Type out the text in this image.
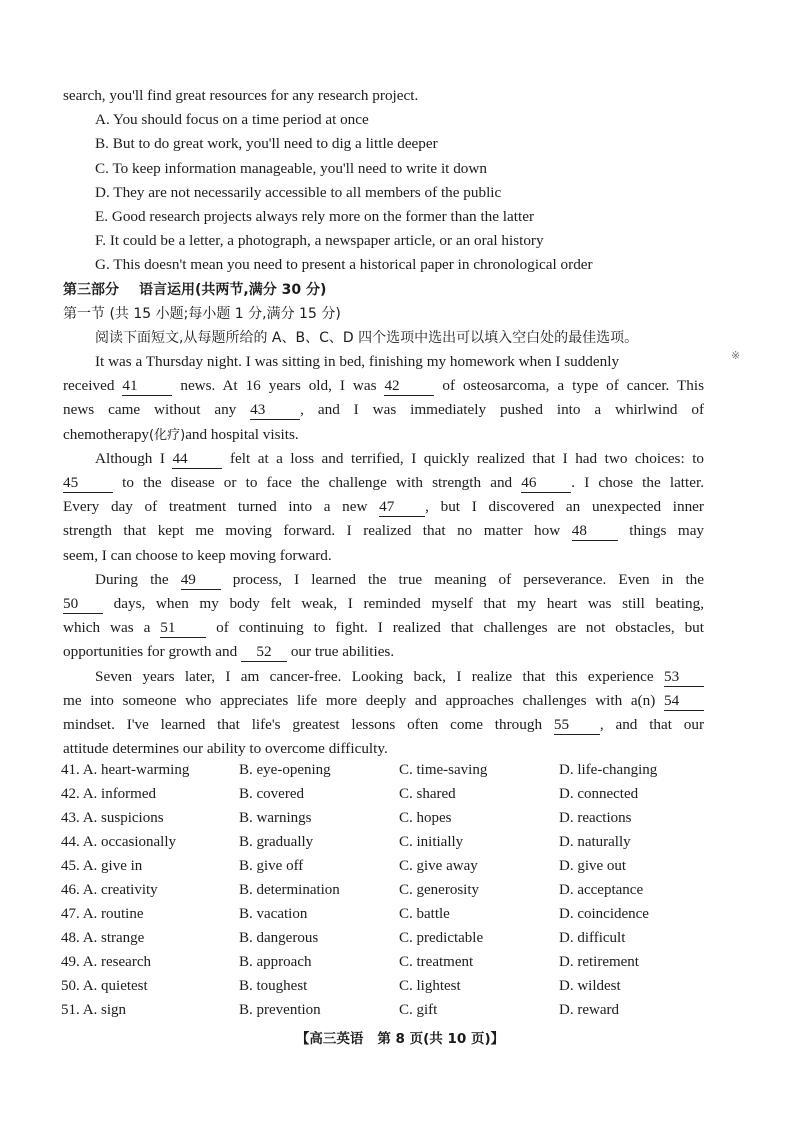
search, you'll find great resources for any research project.
A. You should focus on a time period at once
B. But to do great work, you'll need to dig a little deeper
C. To keep information manageable, you'll need to write it down
D. They are not necessarily accessible to all members of the public
E. Good research projects always rely more on the former than the latter
F. It could be a letter, a photograph, a newspaper article, or an oral history
G. This doesn't mean you need to present a historical paper in chronological order
第三部分 语言运用(共两节,满分 30 分)
第一节 (共 15 小题;每小题 1 分,满分 15 分)
阅读下面短文,从每题所给的 A、B、C、D 四个选项中选出可以填入空白处的最佳选项。
It was a Thursday night. I was sitting in bed, finishing my homework when I suddenly
received 41	news. At 16 years old, I was 42	of osteosarcoma, a type of cancer. This
news came without any 43 , and I was immediately pushed into a whirlwind of
chemotherapy(化疗)and hospital visits.
Although I 44	felt at a loss and terrified, I quickly realized that I had two choices: to
45	to the disease or to face the challenge with strength and 46 . I chose the latter.
Every day of treatment turned into a new 47 , but I discovered an unexpected inner
strength that kept me moving forward. I realized that no matter how 48	things may
seem, I can choose to keep moving forward.
During the 49 process, I learned the true meaning of perseverance. Even in the
50 days, when my body felt weak, I reminded myself that my heart was still beating,
which was a 51	of continuing to fight. I realized that challenges are not obstacles, but
opportunities for growth and 52 our true abilities.
Seven years later, I am cancer-free. Looking back, I realize that this experience 53
me into someone who appreciates life more deeply and approaches challenges with a(n) 54
mindset. I've learned that life's greatest lessons often come through 55 , and that our
attitude determines our ability to overcome difficulty.
41. A. heart-warming	B. eye-opening	C. time-saving	D. life-changing
42. A. informed	B. covered	C. shared	D. connected
43. A. suspicions	B. warnings	C. hopes	D. reactions
44. A. occasionally	B. gradually	C. initially	D. naturally
45. A. give in	B. give off	C. give away	D. give out
46. A. creativity	B. determination	C. generosity	D. acceptance
47. A. routine	B. vacation	C. battle	D. coincidence
48. A. strange	B. dangerous	C. predictable	D. difficult
49. A. research	B. approach	C. treatment	D. retirement
50. A. quietest	B. toughest	C. lightest	D. wildest
51. A. sign	B. prevention	C. gift	D. reward
※
【高三英语 第 8 页(共 10 页)】
